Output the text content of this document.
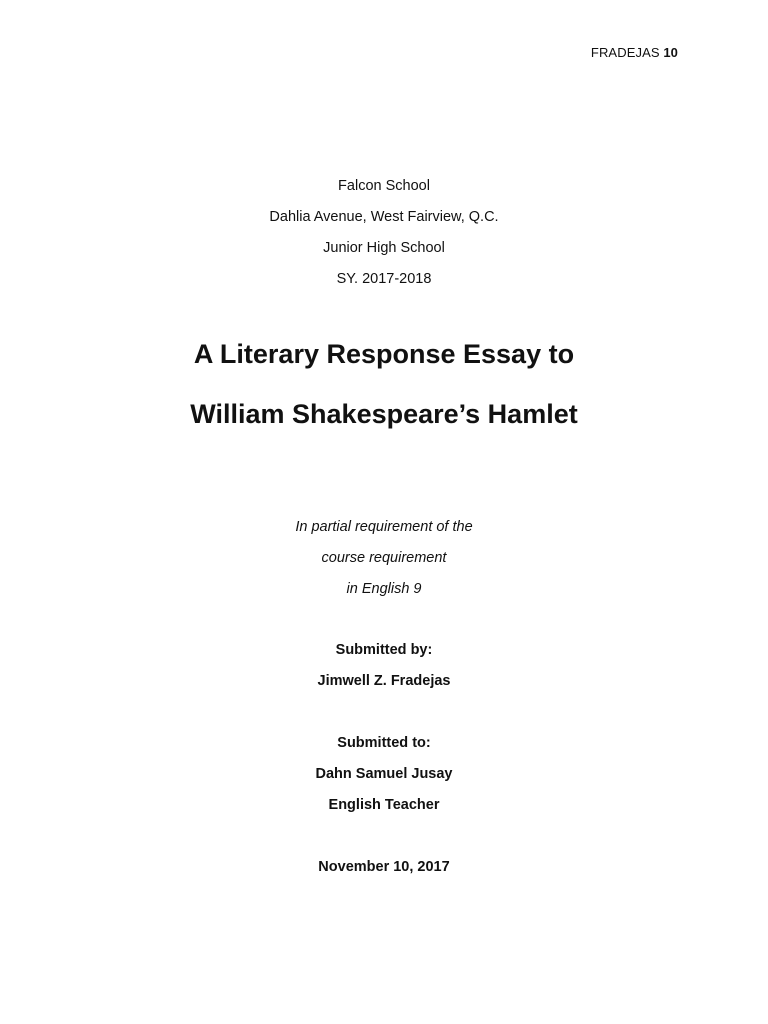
FRADEJAS 10
Falcon School
Dahlia Avenue, West Fairview, Q.C.
Junior High School
SY. 2017-2018
A Literary Response Essay to
William Shakespeare’s Hamlet
In partial requirement of the
course requirement
in English 9
Submitted by:
Jimwell Z. Fradejas
Submitted to:
Dahn Samuel Jusay
English Teacher
November 10, 2017
